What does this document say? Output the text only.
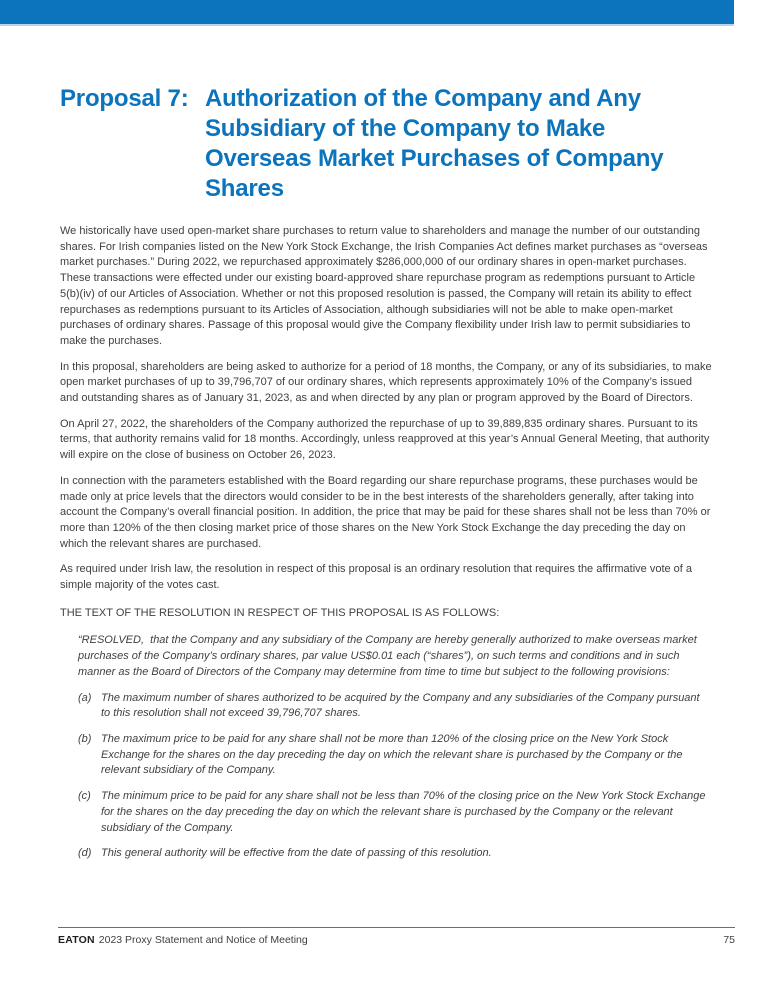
Proposal 7: Authorization of the Company and Any Subsidiary of the Company to Make Overseas Market Purchases of Company Shares

We historically have used open-market share purchases to return value to shareholders and manage the number of our outstanding shares. For Irish companies listed on the New York Stock Exchange, the Irish Companies Act defines market purchases as “overseas market purchases.” During 2022, we repurchased approximately $286,000,000 of our ordinary shares in open-market purchases. These transactions were effected under our existing board-approved share repurchase program as redemptions pursuant to Article 5(b)(iv) of our Articles of Association. Whether or not this proposed resolution is passed, the Company will retain its ability to effect repurchases as redemptions pursuant to its Articles of Association, although subsidiaries will not be able to make open-market purchases of ordinary shares. Passage of this proposal would give the Company flexibility under Irish law to permit subsidiaries to make the purchases.

In this proposal, shareholders are being asked to authorize for a period of 18 months, the Company, or any of its subsidiaries, to make open market purchases of up to 39,796,707 of our ordinary shares, which represents approximately 10% of the Company’s issued and outstanding shares as of January 31, 2023, as and when directed by any plan or program approved by the Board of Directors.

On April 27, 2022, the shareholders of the Company authorized the repurchase of up to 39,889,835 ordinary shares. Pursuant to its terms, that authority remains valid for 18 months. Accordingly, unless reapproved at this year’s Annual General Meeting, that authority will expire on the close of business on October 26, 2023.

In connection with the parameters established with the Board regarding our share repurchase programs, these purchases would be made only at price levels that the directors would consider to be in the best interests of the shareholders generally, after taking into account the Company’s overall financial position. In addition, the price that may be paid for these shares shall not be less than 70% or more than 120% of the then closing market price of those shares on the New York Stock Exchange the day preceding the day on which the relevant shares are purchased.

As required under Irish law, the resolution in respect of this proposal is an ordinary resolution that requires the affirmative vote of a simple majority of the votes cast.

THE TEXT OF THE RESOLUTION IN RESPECT OF THIS PROPOSAL IS AS FOLLOWS:

“RESOLVED,  that the Company and any subsidiary of the Company are hereby generally authorized to make overseas market purchases of the Company’s ordinary shares, par value US$0.01 each (“shares”), on such terms and conditions and in such manner as the Board of Directors of the Company may determine from time to time but subject to the following provisions:

(a) The maximum number of shares authorized to be acquired by the Company and any subsidiaries of the Company pursuant to this resolution shall not exceed 39,796,707 shares.
(b) The maximum price to be paid for any share shall not be more than 120% of the closing price on the New York Stock Exchange for the shares on the day preceding the day on which the relevant share is purchased by the Company or the relevant subsidiary of the Company.
(c) The minimum price to be paid for any share shall not be less than 70% of the closing price on the New York Stock Exchange for the shares on the day preceding the day on which the relevant share is purchased by the Company or the relevant subsidiary of the Company.
(d) This general authority will be effective from the date of passing of this resolution.
EATON 2023 Proxy Statement and Notice of Meeting	75
